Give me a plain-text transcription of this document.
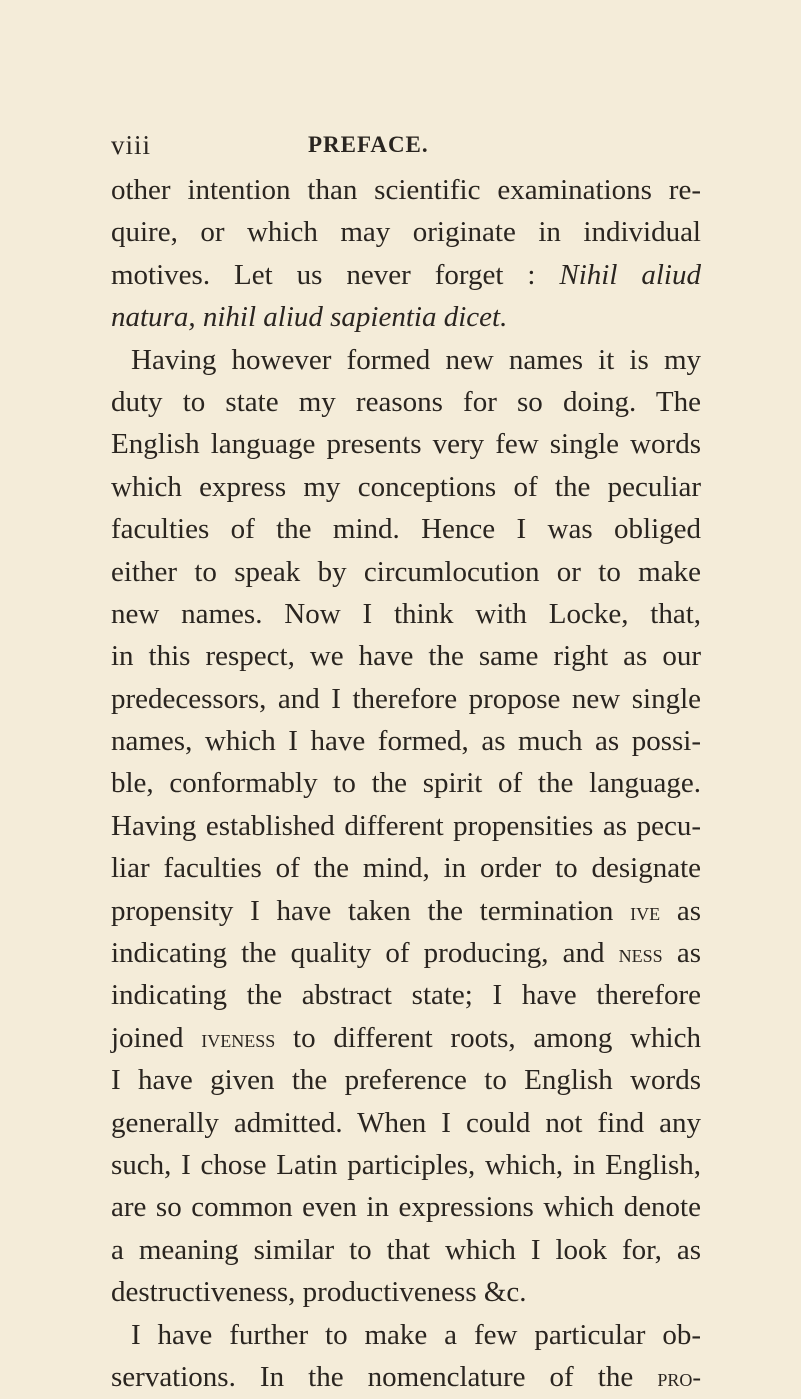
viii	PREFACE.
other intention than scientific examinations re-
quire, or which may originate in individual
motives. Let us never forget : Nihil aliud
natura, nihil aliud sapientia dicet.
Having however formed new names it is my
duty to state my reasons for so doing. The
English language presents very few single words
which express my conceptions of the peculiar
faculties of the mind. Hence I was obliged
either to speak by circumlocution or to make
new names. Now I think with Locke, that,
in this respect, we have the same right as our
predecessors, and I therefore propose new single
names, which I have formed, as much as possi-
ble, conformably to the spirit of the language.
Having established different propensities as pecu-
liar faculties of the mind, in order to designate
propensity I have taken the termination ive as
indicating the quality of producing, and ness as
indicating the abstract state; I have therefore
joined iveness to different roots, among which
I have given the preference to English words
generally admitted. When I could not find any
such, I chose Latin participles, which, in English,
are so common even in expressions which denote
a meaning similar to that which I look for, as
destructiveness, productiveness &c.
I have further to make a few particular ob-
servations. In the nomenclature of the pro-
